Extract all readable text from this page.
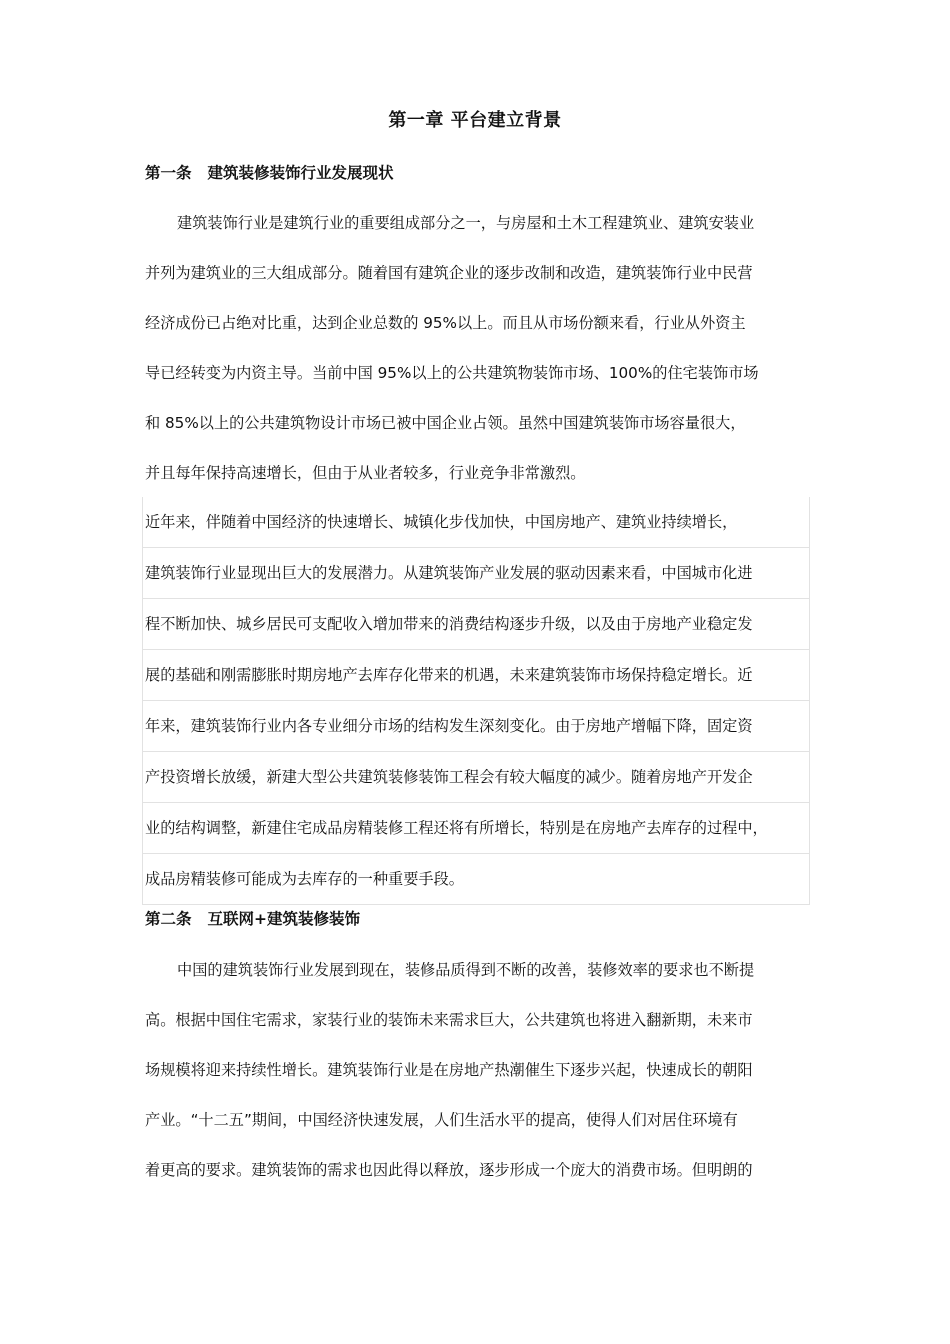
第一章 平台建立背景
第一条 建筑装修装饰行业发展现状
建筑装饰行业是建筑行业的重要组成部分之一，与房屋和土木工程建筑业、建筑安装业
并列为建筑业的三大组成部分。随着国有建筑企业的逐步改制和改造，建筑装饰行业中民营
经济成份已占绝对比重，达到企业总数的 95%以上。而且从市场份额来看，行业从外资主
导已经转变为内资主导。当前中国 95%以上的公共建筑物装饰市场、100%的住宅装饰市场
和 85%以上的公共建筑物设计市场已被中国企业占领。虽然中国建筑装饰市场容量很大，
并且每年保持高速增长，但由于从业者较多，行业竞争非常激烈。
近年来，伴随着中国经济的快速增长、城镇化步伐加快，中国房地产、建筑业持续增长，
建筑装饰行业显现出巨大的发展潜力。从建筑装饰产业发展的驱动因素来看，中国城市化进
程不断加快、城乡居民可支配收入增加带来的消费结构逐步升级，以及由于房地产业稳定发
展的基础和刚需膨胀时期房地产去库存化带来的机遇，未来建筑装饰市场保持稳定增长。近
年来，建筑装饰行业内各专业细分市场的结构发生深刻变化。由于房地产增幅下降，固定资
产投资增长放缓，新建大型公共建筑装修装饰工程会有较大幅度的减少。随着房地产开发企
业的结构调整，新建住宅成品房精装修工程还将有所增长，特别是在房地产去库存的过程中，
成品房精装修可能成为去库存的一种重要手段。
第二条 互联网+建筑装修装饰
中国的建筑装饰行业发展到现在，装修品质得到不断的改善，装修效率的要求也不断提
高。根据中国住宅需求，家装行业的装饰未来需求巨大，公共建筑也将进入翻新期，未来市
场规模将迎来持续性增长。建筑装饰行业是在房地产热潮催生下逐步兴起，快速成长的朝阳
产业。“十二五”期间，中国经济快速发展，人们生活水平的提高，使得人们对居住环境有
着更高的要求。建筑装饰的需求也因此得以释放，逐步形成一个庞大的消费市场。但明朗的
